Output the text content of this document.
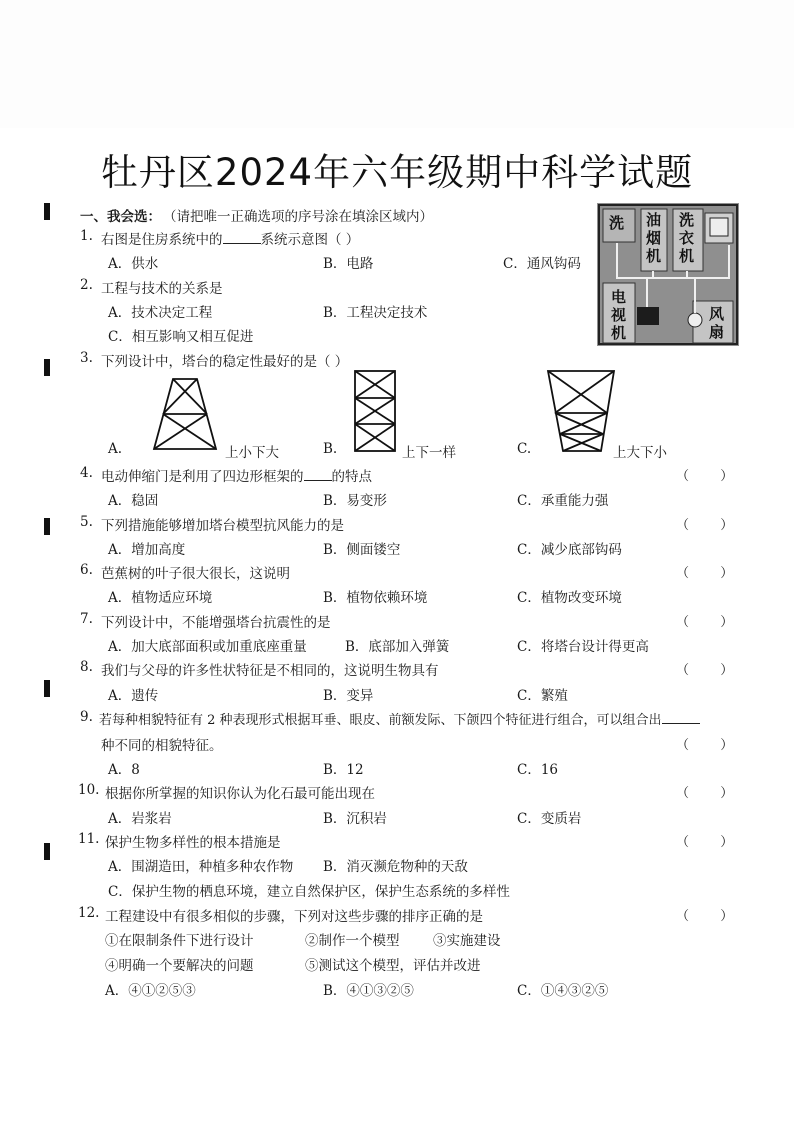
牡丹区2024年六年级期中科学试题
一、我会选： （请把唯一正确选项的序号涂在填涂区域内）	洗 油
烟
机
洗
衣
机
电
视
机
风
扇
1. 右图是住房系统中的	系统示意图（ ）
A．供水	B．电路	C．通风钩码
2. 工程与技术的关系是
A．技术决定工程	B．工程决定技术
C．相互影响又相互促进
3. 下列设计中，塔台的稳定性最好的是（ ）
A.	上小下大	B.	上下一样	C.	上大下小
4. 电动伸缩门是利用了四边形框架的 的特点	（    ）
A．稳固	B．易变形	C．承重能力强
5. 下列措施能够增加塔台模型抗风能力的是	（    ）
A．增加高度	B．侧面镂空	C．减少底部钩码
6. 芭蕉树的叶子很大很长，这说明	（    ）
A．植物适应环境	B．植物依赖环境	C．植物改变环境
7. 下列设计中，不能增强塔台抗震性的是	（    ）
A．加大底部面积或加重底座重量	B．底部加入弹簧	C．将塔台设计得更高
8. 我们与父母的许多性状特征是不相同的，这说明生物具有	（    ）
A．遗传	B．变异	C．繁殖
9. 若每种相貌特征有 2 种表现形式根据耳垂、眼皮、前额发际、下颌四个特征进行组合，可以组合出
种不同的相貌特征。	（    ）
A．8	B．12	C．16
10. 根据你所掌握的知识你认为化石最可能出现在	（    ）
A．岩浆岩	B．沉积岩	C．变质岩
11. 保护生物多样性的根本措施是	（    ）
A．围湖造田，种植多种农作物 B．消灭濒危物种的天敌
C．保护生物的栖息环境，建立自然保护区，保护生态系统的多样性
12. 工程建设中有很多相似的步骤，下列对这些步骤的排序正确的是	（    ）
①在限制条件下进行设计	②制作一个模型 ③实施建设
④明确一个要解决的问题	⑤测试这个模型，评估并改进
A．④①②⑤③	B．④①③②⑤	C．①④③②⑤
